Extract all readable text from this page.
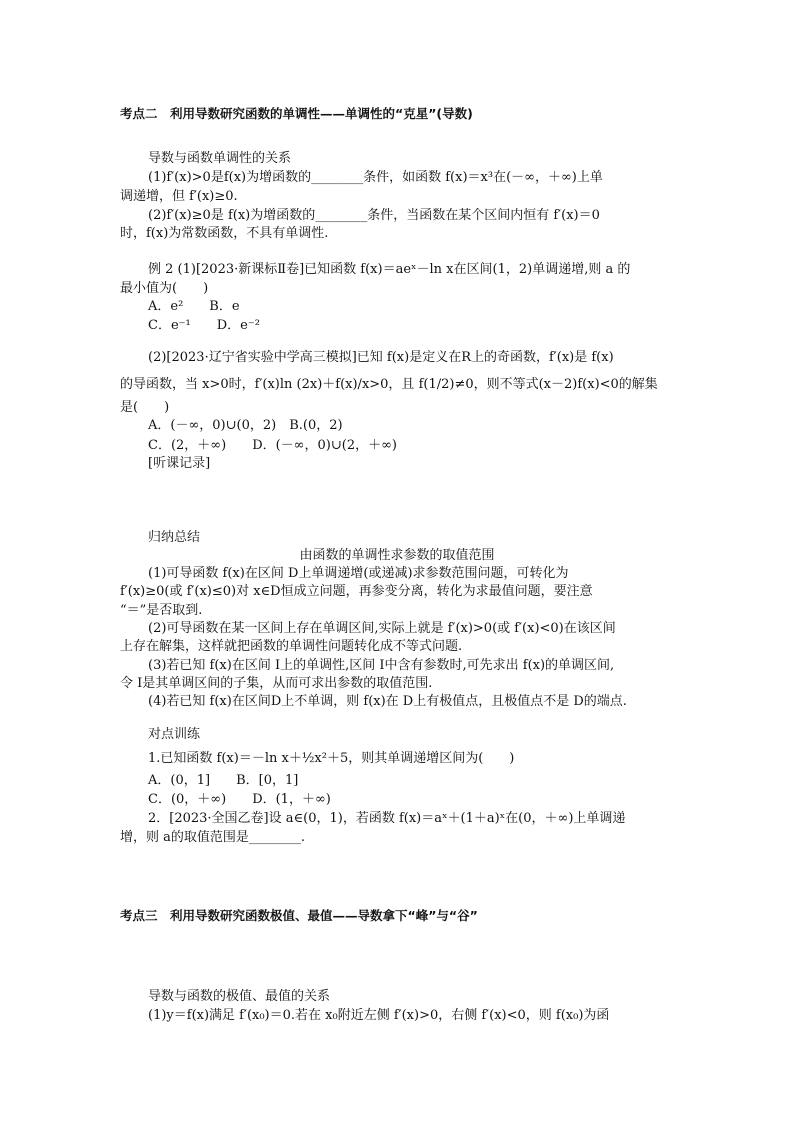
考点二　利用导数研究函数的单调性——单调性的“克星”(导数)
导数与函数单调性的关系
(1)f′(x)>0是f(x)为增函数的________条件，如函数 f(x)＝x³在(－∞，＋∞)上单
调递增，但 f′(x)≥0.
(2)f′(x)≥0是 f(x)为增函数的________条件，当函数在某个区间内恒有 f′(x)＝0
时，f(x)为常数函数，不具有单调性.
例 2 (1)[2023·新课标Ⅱ卷]已知函数 f(x)＝aeˣ－ln x在区间(1，2)单调递增,则 a 的
最小值为(　　)
A．e²　　B．e
C．e⁻¹　　D．e⁻²
(2)[2023·辽宁省实验中学高三模拟]已知 f(x)是定义在R上的奇函数，f′(x)是 f(x)
的导函数，当 x>0时，f′(x)ln (2x)＋f(x)/x>0，且 f(1/2)≠0，则不等式(x－2)f(x)<0的解集
是(　　)
A．(－∞，0)∪(0，2)　B.(0，2)
C．(2，＋∞)　　D．(－∞，0)∪(2，＋∞)
[听课记录]
归纳总结
由函数的单调性求参数的取值范围
(1)可导函数 f(x)在区间 D上单调递增(或递减)求参数范围问题，可转化为
f′(x)≥0(或 f′(x)≤0)对 x∈D恒成立问题，再参变分离，转化为求最值问题，要注意
“＝”是否取到.
(2)可导函数在某一区间上存在单调区间,实际上就是 f′(x)>0(或 f′(x)<0)在该区间
上存在解集，这样就把函数的单调性问题转化成不等式问题.
(3)若已知 f(x)在区间 I上的单调性,区间 I中含有参数时,可先求出 f(x)的单调区间,
令 I是其单调区间的子集，从而可求出参数的取值范围.
(4)若已知 f(x)在区间D上不单调，则 f(x)在 D上有极值点，且极值点不是 D的端点.
对点训练
1.已知函数 f(x)＝－ln x＋½x²＋5，则其单调递增区间为(　　)
A．(0，1]　　B．[0，1]
C．(0，＋∞)　　D．(1，＋∞)
2．[2023·全国乙卷]设 a∈(0，1)，若函数 f(x)＝aˣ＋(1＋a)ˣ在(0，＋∞)上单调递
增，则 a的取值范围是________.
考点三　利用导数研究函数极值、最值——导数拿下“峰”与“谷”
导数与函数的极值、最值的关系
(1)y＝f(x)满足 f′(x₀)＝0.若在 x₀附近左侧 f′(x)>0，右侧 f′(x)<0，则 f(x₀)为函
